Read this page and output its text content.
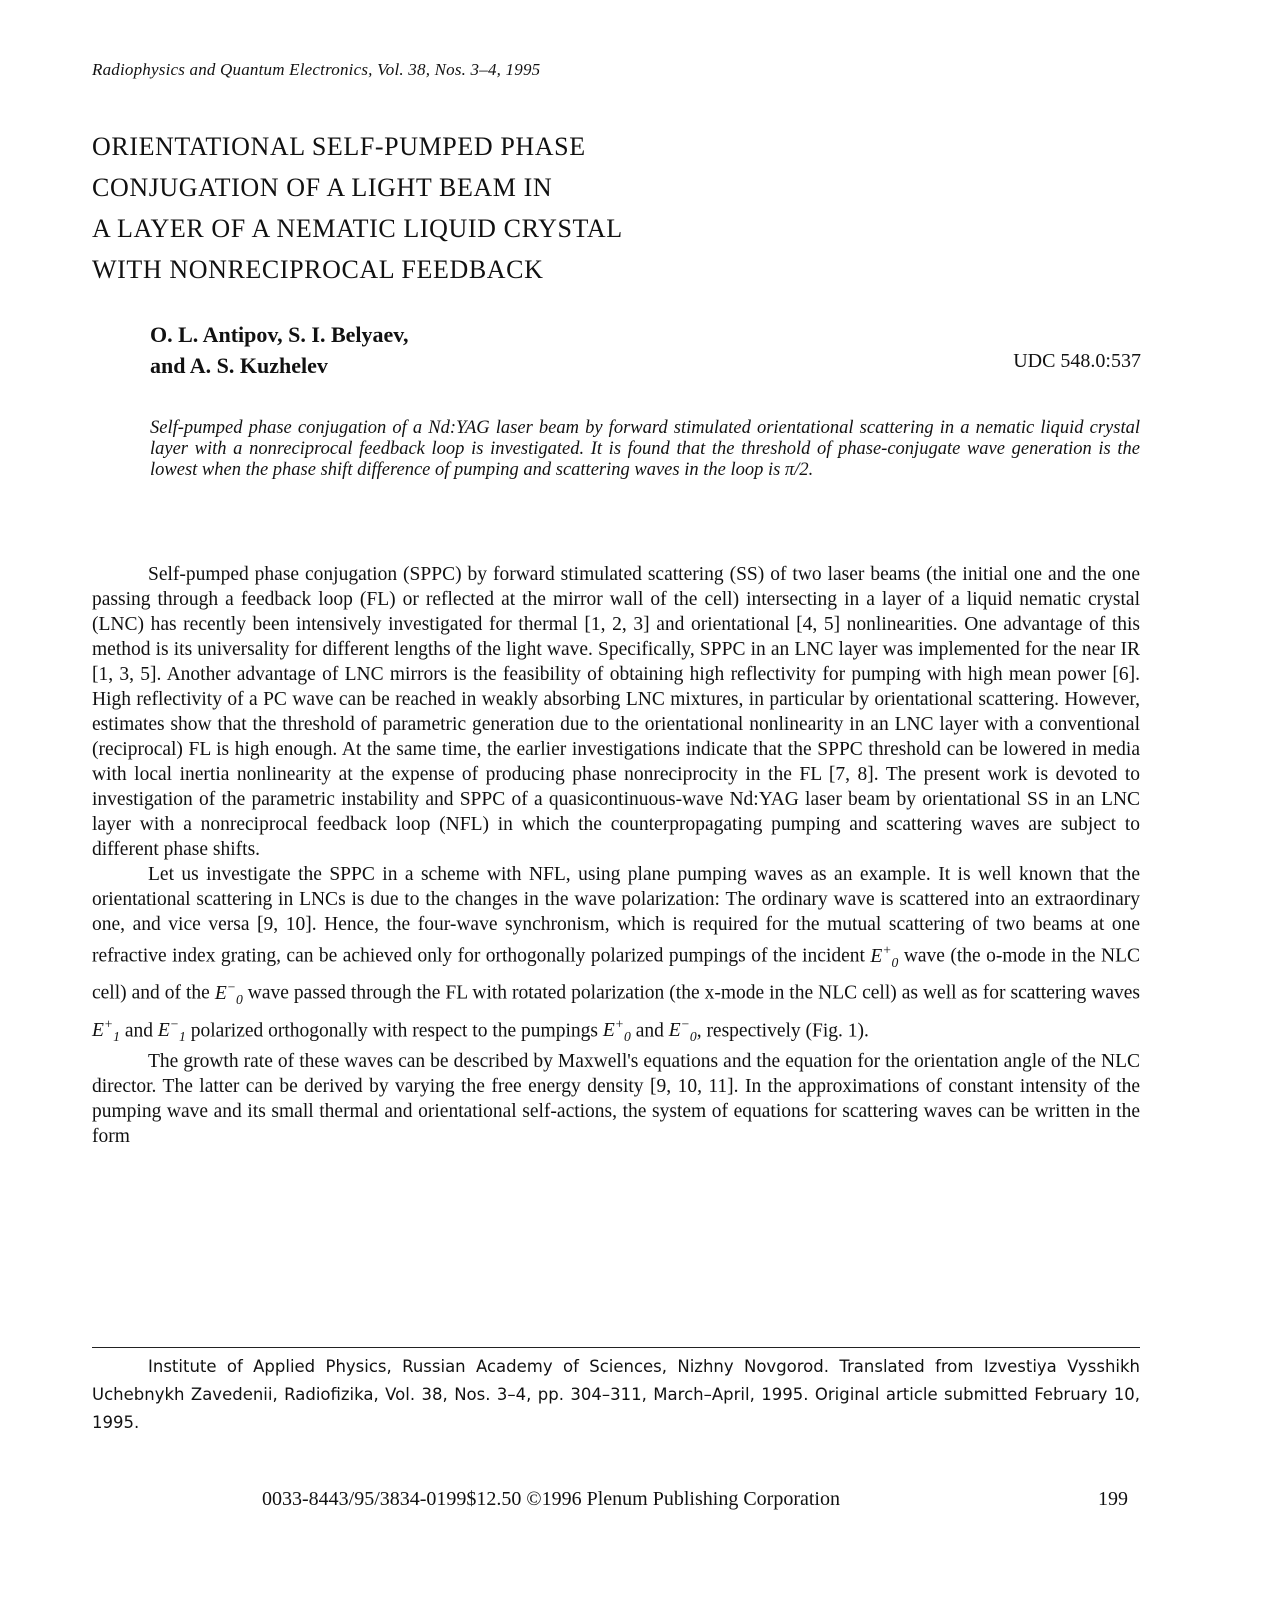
Radiophysics and Quantum Electronics, Vol. 38, Nos. 3–4, 1995
ORIENTATIONAL SELF-PUMPED PHASE
CONJUGATION OF A LIGHT BEAM IN
A LAYER OF A NEMATIC LIQUID CRYSTAL
WITH NONRECIPROCAL FEEDBACK
O. L. Antipov, S. I. Belyaev,
and A. S. Kuzhelev	UDC 548.0:537
Self-pumped phase conjugation of a Nd:YAG laser beam by forward stimulated orientational scattering in a nematic liquid crystal layer with a nonreciprocal feedback loop is investigated. It is found that the threshold of phase-conjugate wave generation is the lowest when the phase shift difference of pumping and scattering waves in the loop is π/2.

Self-pumped phase conjugation (SPPC) by forward stimulated scattering (SS) of two laser beams (the initial one and the one passing through a feedback loop (FL) or reflected at the mirror wall of the cell) intersecting in a layer of a liquid nematic crystal (LNC) has recently been intensively investigated for thermal [1, 2, 3] and orientational [4, 5] nonlinearities. One advantage of this method is its universality for different lengths of the light wave. Specifically, SPPC in an LNC layer was implemented for the near IR [1, 3, 5]. Another advantage of LNC mirrors is the feasibility of obtaining high reflectivity for pumping with high mean power [6]. High reflectivity of a PC wave can be reached in weakly absorbing LNC mixtures, in particular by orientational scattering. However, estimates show that the threshold of parametric generation due to the orientational nonlinearity in an LNC layer with a conventional (reciprocal) FL is high enough. At the same time, the earlier investigations indicate that the SPPC threshold can be lowered in media with local inertia nonlinearity at the expense of producing phase nonreciprocity in the FL [7, 8]. The present work is devoted to investigation of the parametric instability and SPPC of a quasicontinuous-wave Nd:YAG laser beam by orientational SS in an LNC layer with a nonreciprocal feedback loop (NFL) in which the counterpropagating pumping and scattering waves are subject to different phase shifts.

Let us investigate the SPPC in a scheme with NFL, using plane pumping waves as an example. It is well known that the orientational scattering in LNCs is due to the changes in the wave polarization: The ordinary wave is scattered into an extraordinary one, and vice versa [9, 10]. Hence, the four-wave synchronism, which is required for the mutual scattering of two beams at one refractive index grating, can be achieved only for orthogonally polarized pumpings of the incident $E^+_0$ wave (the o-mode in the NLC cell) and of the $E^-_0$ wave passed through the FL with rotated polarization (the x-mode in the NLC cell) as well as for scattering waves $E^+_1$ and $E^-_1$ polarized orthogonally with respect to the pumpings $E^+_0$ and $E^-_0$, respectively (Fig. 1).

The growth rate of these waves can be described by Maxwell's equations and the equation for the orientation angle of the NLC director. The latter can be derived by varying the free energy density [9, 10, 11]. In the approximations of constant intensity of the pumping wave and its small thermal and orientational self-actions, the system of equations for scattering waves can be written in the form

Institute of Applied Physics, Russian Academy of Sciences, Nizhny Novgorod. Translated from Izvestiya Vysshikh Uchebnykh Zavedenii, Radiofizika, Vol. 38, Nos. 3–4, pp. 304–311, March–April, 1995. Original article submitted February 10, 1995.
0033-8443/95/3834-0199$12.50 ©1996 Plenum Publishing Corporation	199
